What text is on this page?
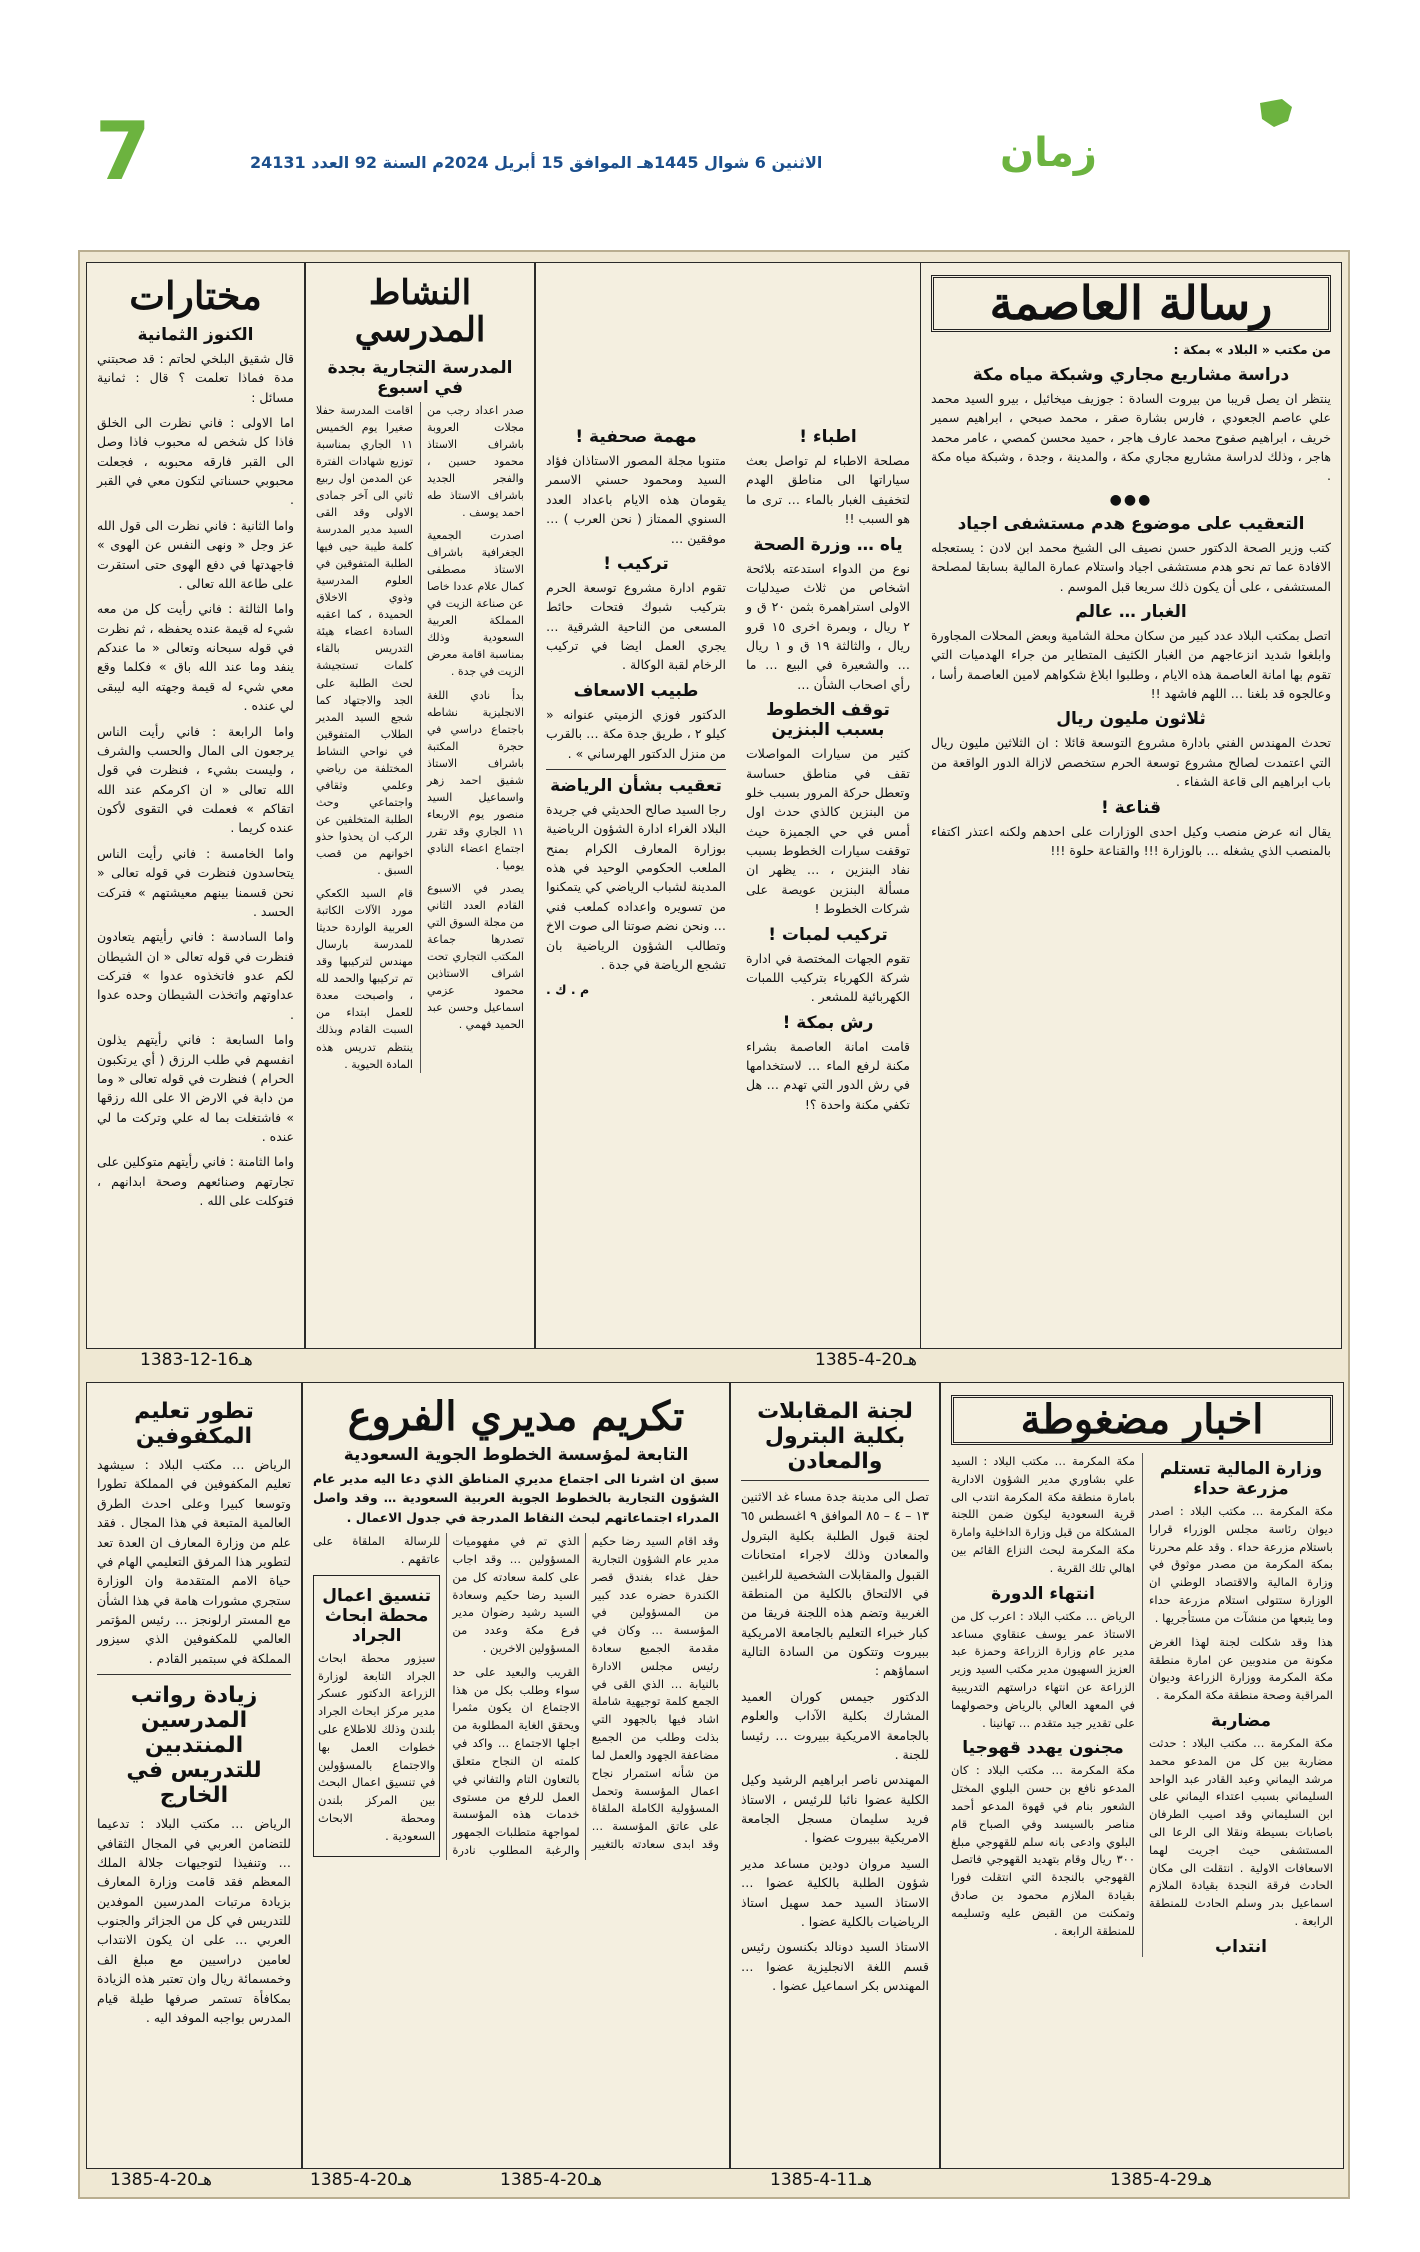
7	الاثنين 6 شوال 1445هـ الموافق 15 أبريل 2024م السنة 92 العدد 24131	زمان
رسالة العاصمة

من مكتب « البلاد » بمكة :

دراسة مشاريع مجاري وشبكة مياه مكة

ينتظر ان يصل قريبا من بيروت السادة : جوزيف ميخائيل ، بيرو السيد محمد علي عاصم الجعودي ، فارس بشارة صقر ، محمد صبحي ، ابراهيم سمير خريف ، ابراهيم صفوح محمد عارف هاجر ، حميد محسن كمصي ، عامر محمد هاجر ، وذلك لدراسة مشاريع مجاري مكة ، والمدينة ، وجدة ، وشبكة مياه مكة .

●●●
التعقيب على موضوع هدم مستشفى اجياد

كتب وزير الصحة الدكتور حسن نصيف الى الشيخ محمد ابن لادن : يستعجله الافادة عما تم نحو هدم مستشفى اجياد واستلام عمارة المالية بسابقا لمصلحة المستشفى ، على أن يكون ذلك سريعا قبل الموسم .

الغبار … عالم

اتصل بمكتب البلاد عدد كبير من سكان محلة الشامية وبعض المحلات المجاورة وابلغوا شديد انزعاجهم من الغبار الكثيف المتطاير من جراء الهدميات التي تقوم بها امانة العاصمة هذه الايام ، وطلبوا ابلاغ شكواهم لامين العاصمة رأسا ، وعالجوه قد بلغنا … اللهم فاشهد !!

ثلاثون مليون ريال

تحدث المهندس الفني بادارة مشروع التوسعة قائلا : ان الثلاثين مليون ريال التي اعتمدت لصالح مشروع توسعة الحرم ستخصص لازالة الدور الواقعة من باب ابراهيم الى قاعة الشفاء .

قناعة !

يقال انه عرض منصب وكيل احدى الوزارات على احدهم ولكنه اعتذر اكتفاء بالمنصب الذي يشغله … بالوزارة !!! والقناعة حلوة !!!

اطباء !

مصلحة الاطباء لم تواصل بعث سياراتها الى مناطق الهدم لتخفيف الغبار بالماء … ترى ما هو السبب !!

ياه … وزرة الصحة

نوع من الدواء استدعته بلائحة اشخاص من ثلاث صيدليات الاولى استراهمرة بثمن ٢٠ ق و ٢ ريال ، وبمرة اخرى ١٥ قرو ريال ، والثالثة ١٩ ق و ١ ريال … والشعيرة في البيع … ما رأي اصحاب الشأن …

توقف الخطوط بسبب البنزين

كثير من سيارات المواصلات تقف في مناطق حساسة وتعطل حركة المرور بسبب خلو من البنزين كالذي حدث اول أمس في حي الجميزة حيث توقفت سيارات الخطوط بسبب نفاد البنزين ، … يظهر ان مسألة البنزين عويصة على شركات الخطوط !

تركيب لمبات !

تقوم الجهات المختصة في ادارة شركة الكهرباء بتركيب اللمبات الكهربائية للمشعر .

رش بمكة !

قامت امانة العاصمة بشراء مكنة لرفع الماء … لاستخدامها في رش الدور التي تهدم … هل تكفي مكنة واحدة ؟!

مهمة صحفية !

متنوبا مجلة المصور الاستاذان فؤاد السيد ومحمود حسني الاسمر يقومان هذه الايام باعداد العدد السنوي الممتاز ( نحن العرب ) … موفقين …

تركيب !

تقوم ادارة مشروع توسعة الحرم بتركيب شبوك فتحات حائط المسعى من الناحية الشرقية … يجري العمل ايضا في تركيب الرخام لقبة الوكالة .

طبيب الاسعاف

الدكتور فوزي الزميتي عنوانه « كيلو ٢ ، طريق جدة مكة … بالقرب من منزل الدكتور الهرساني » .

تعقيب بشأن الرياضة

رجا السيد صالح الحديثي في جريدة البلاد الغراء ادارة الشؤون الرياضية بوزارة المعارف الكرام بمنح الملعب الحكومي الوحيد في هذه المدينة لشباب الرياضي كي يتمكنوا من تسويره واعداده كملعب فني … ونحن نضم صوتنا الى صوت الاخ وتطالب الشؤون الرياضية بان تشجع الرياضة في جدة .

م . ك .

النشاط المدرسي
المدرسة التجارية بجدة في اسبوع

صدر اعداد رجب من مجلات العروبة باشراف الاستاذ محمود حسين ، والفجر الجديد باشراف الاستاذ طه احمد يوسف .

اصدرت الجمعية الجغرافية باشراف الاستاذ مصطفى كمال علام عددا خاصا عن صناعة الزيت في المملكة العربية السعودية وذلك بمناسبة اقامة معرض الزيت في جدة .

بدأ نادي اللغة الانجليزية نشاطه باجتماع دراسي في حجرة المكتبة باشراف الاستاذ شفيق احمد زهر واسماعيل السيد منصور يوم الاربعاء ١١ الجاري وقد تقرر اجتماع اعضاء النادي يوميا .

يصدر في الاسبوع القادم العدد الثاني من مجلة السوق التي تصدرها جماعة المكتب التجاري تحت اشراف الاستاذين محمود عزمي اسماعيل وحسن عبد الحميد فهمي .

اقامت المدرسة حفلا صغيرا يوم الخميس ١١ الجاري بمناسبة توزيع شهادات الفترة عن المدمن اول ربيع ثاني الى آخر جمادى الاولى وقد القى السيد مدير المدرسة كلمة طيبة حيى فيها الطلبة المتفوقين في العلوم المدرسية وذوي الاخلاق الحميدة ، كما اعقبه السادة اعضاء هيئة التدريس بالقاء كلمات تستجيشة لحث الطلبة على الجد والاجتهاد كما شجع السيد المدير الطلاب المتفوقين في نواحي النشاط المختلفة من رياضي وعلمي وثقافي واجتماعي وحث الطلبة المتخلفين عن الركب ان يحذوا حذو اخوانهم من قصب السبق .

قام السيد الكعكي مورد الآلات الكاتبة العربية الواردة حديثا للمدرسة بارسال مهندس لتركيبها وقد تم تركيبها والحمد لله ، واصبحت معدة للعمل ابتداء من السبت القادم وبذلك ينتظم تدريس هذه المادة الحيوية .

مختارات
الكنوز الثمانية

قال شقيق البلخي لحاتم : قد صحبتني مدة فماذا تعلمت ؟ قال : ثمانية مسائل :

اما الاولى : فاني نظرت الى الخلق فاذا كل شخص له محبوب فاذا وصل الى القبر فارقه محبوبه ، فجعلت محبوبي حسناتي لتكون معي في القبر .

واما الثانية : فاني نظرت الى قول الله عز وجل « ونهى النفس عن الهوى » فاجهدتها في دفع الهوى حتى استقرت على طاعة الله تعالى .

واما الثالثة : فاني رأيت كل من معه شيء له قيمة عنده يحفظه ، ثم نظرت في قوله سبحانه وتعالى « ما عندكم ينفد وما عند الله باق » فكلما وقع معي شيء له قيمة وجهته اليه ليبقى لي عنده .

واما الرابعة : فاني رأيت الناس يرجعون الى المال والحسب والشرف ، وليست بشيء ، فنظرت في قول الله تعالى « ان اكرمكم عند الله اتقاكم » فعملت في التقوى لأكون عنده كريما .

واما الخامسة : فاني رأيت الناس يتحاسدون فنظرت في قوله تعالى « نحن قسمنا بينهم معيشتهم » فتركت الحسد .

واما السادسة : فاني رأيتهم يتعادون فنظرت في قوله تعالى « ان الشيطان لكم عدو فاتخذوه عدوا » فتركت عداوتهم واتخذت الشيطان وحده عدوا .

واما السابعة : فاني رأيتهم يذلون انفسهم في طلب الرزق ( أي يرتكبون الحرام ) فنظرت في قوله تعالى « وما من دابة في الارض الا على الله رزقها » فاشتغلت بما له علي وتركت ما لي عنده .

واما الثامنة : فاني رأيتهم متوكلين على تجارتهم وصنائعهم وصحة ابدانهم ، فتوكلت على الله .

1383-12-16هـ	1385-4-20هـ
اخبار مضغوطة
وزارة المالية تستلم مزرعة حداء

مكة المكرمة … مكتب البلاد : اصدر ديوان رئاسة مجلس الوزراء قرارا باستلام مزرعة حداء . وقد علم محررنا بمكة المكرمة من مصدر موثوق في وزارة المالية والاقتصاد الوطني ان الوزارة ستتولى استلام مزرعة حداء وما يتبعها من منشآت من مستأجريها .

هذا وقد شكلت لجنة لهذا الغرض مكونة من مندوبين عن امارة منطقة مكة المكرمة ووزارة الزراعة وديوان المراقبة وصحة منطقة مكة المكرمة .

مضاربة

مكة المكرمة … مكتب البلاد : حدثت مضاربة بين كل من المدعو محمد مرشد اليماني وعبد القادر عبد الواحد السليماني بسبب اعتداء اليماني على ابن السليماني وقد اصيب الطرفان باصابات بسيطة ونقلا الى الرعا الى المستشفى حيث اجريت لهما الاسعافات الاولية . انتقلت الى مكان الحادث فرقة النجدة بقيادة الملازم اسماعيل بدر وسلم الحادث للمنطقة الرابعة .

انتداب

مكة المكرمة … مكتب البلاد : السيد علي بشاوري مدير الشؤون الادارية بامارة منطقة مكة المكرمة انتدب الى قرية السعودية ليكون ضمن اللجنة المشكلة من قبل وزارة الداخلية وامارة مكة المكرمة لبحث النزاع القائم بين اهالي تلك القرية .

انتهاء الدورة

الرياض … مكتب البلاد : اعرب كل من الاستاذ عمر يوسف عنقاوي مساعد مدير عام وزارة الزراعة وحمزة عبد العزيز السهيون مدير مكتب السيد وزير الزراعة عن انتهاء دراستهم التدريبية في المعهد العالي بالرياض وحصولهما على تقدير جيد متقدم … تهانينا .

مجنون يهدد قهوجيا

مكة المكرمة … مكتب البلاد : كان المدعو نافع بن حسن البلوي المختل الشعور بنام في قهوة المدعو أحمد مناصر بالسيسد وفي الصباح قام البلوي وادعى بانه سلم للقهوجي مبلغ ٣٠٠ ريال وقام بتهديد القهوجي فاتصل القهوجي بالنجدة التي انتقلت فورا بقيادة الملازم محمود بن صادق وتمكنت من القبض عليه وتسليمه للمنطقة الرابعة .

لجنة المقابلات بكلية البترول والمعادن

تصل الى مدينة جدة مساء غد الاثنين ١٣ – ٤ – ٨٥ الموافق ٩ اغسطس ٦٥ لجنة قبول الطلبة بكلية البترول والمعادن وذلك لاجراء امتحانات القبول والمقابلات الشخصية للراغبين في الالتحاق بالكلية من المنطقة الغربية وتضم هذه اللجنة فريقا من كبار خبراء التعليم بالجامعة الامريكية ببيروت وتتكون من السادة التالية اسماؤهم :

الدكتور جيمس كوران العميد المشارك بكلية الآداب والعلوم بالجامعة الامريكية ببيروت … رئيسا للجنة .

المهندس ناصر ابراهيم الرشيد وكيل الكلية عضوا نائبا للرئيس ، الاستاذ فريد سليمان مسجل الجامعة الامريكية ببيروت عضوا .

السيد مروان دودين مساعد مدير شؤون الطلبة بالكلية عضوا … الاستاذ السيد حمد سهيل استاذ الرياضيات بالكلية عضوا .

الاستاذ السيد دونالد بكنسون رئيس قسم اللغة الانجليزية عضوا … المهندس بكر اسماعيل عضوا .

تكريم مديري الفروع
التابعة لمؤسسة الخطوط الجوية السعودية

سبق ان اشرنا الى اجتماع مديري المناطق الذي دعا اليه مدير عام الشؤون التجارية بالخطوط الجوية العربية السعودية … وقد واصل المدراء اجتماعاتهم لبحث النقاط المدرجة في جدول الاعمال .

وقد اقام السيد رضا حكيم مدير عام الشؤون التجارية حفل غداء بفندق قصر الكندرة حضره عدد كبير من المسؤولين في المؤسسة … وكان في مقدمة الجميع سعادة رئيس مجلس الادارة بالنيابة … الذي القى في الجمع كلمة توجيهية شاملة اشاد فيها بالجهود التي بذلت وطلب من الجميع مضاعفة الجهود والعمل لما من شأنه استمرار نجاح اعمال المؤسسة وتحمل المسؤولية الكاملة الملقاة على عاتق المؤسسة … وقد ابدى سعادته بالتغيير الذي تم في مفهوميات المسؤولين … وقد اجاب على كلمة سعادته كل من السيد رضا حكيم وسعادة السيد رشيد رضوان مدير فرع مكة وعدد من المسؤولين الاخرين .

القريب والبعيد على حد سواء وطلب بكل من هذا الاجتماع ان يكون مثمرا ويحقق الغاية المطلوبة من اجلها الاجتماع … واكد في كلمته ان النجاح متعلق بالتعاون التام والتفاني في العمل للرفع من مستوى خدمات هذه المؤسسة لمواجهة متطلبات الجمهور والرغبة المطلوب نادرة للرسالة الملقاة على عاتقهم .

تنسيق اعمال محطة ابحاث الجراد

سيزور محطة ابحاث الجراد التابعة لوزارة الزراعة الدكتور عسكر مدير مركز ابحاث الجراد بلندن وذلك للاطلاع على خطوات العمل بها والاجتماع بالمسؤولين في تنسيق اعمال البحث بين المركز بلندن ومحطة الابحاث السعودية .

تطور تعليم المكفوفين

الرياض … مكتب البلاد : سيشهد تعليم المكفوفين في المملكة تطورا وتوسعا كبيرا وعلى احدث الطرق العالمية المتبعة في هذا المجال . فقد علم من وزارة المعارف ان العدة تعد لتطوير هذا المرفق التعليمي الهام في حياة الامم المتقدمة وان الوزارة ستجري مشورات هامة في هذا الشأن مع المستر ارلونجز … رئيس المؤتمر العالمي للمكفوفين الذي سيزور المملكة في سبتمبر القادم .

زيادة رواتب المدرسين المنتدبين للتدريس في الخارج

الرياض … مكتب البلاد : تدعيما للتضامن العربي في المجال الثقافي … وتنفيذا لتوجيهات جلالة الملك المعظم فقد قامت وزارة المعارف بزيادة مرتبات المدرسين الموفدين للتدريس في كل من الجزائر والجنوب العربي … على ان يكون الانتداب لعامين دراسيين مع مبلغ الف وخمسمائة ريال وان تعتبر هذه الزيادة بمكافأة تستمر صرفها طيلة قيام المدرس بواجبه الموفد اليه .

1385-4-20هـ	1385-4-11هـ	1385-4-29هـ
1385-4-20هـ	1385-4-20هـ
